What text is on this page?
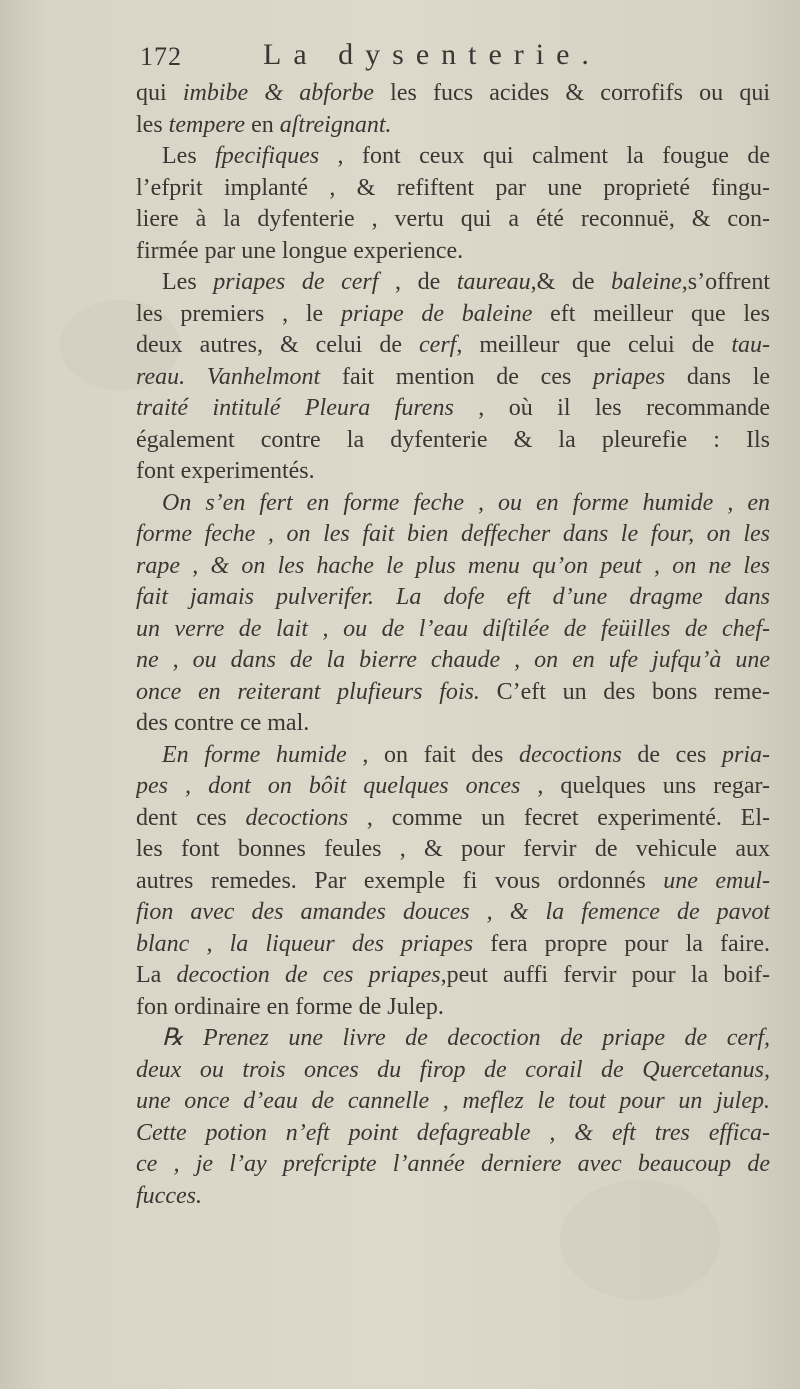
172	La dysenterie.
qui imbibe & abforbe les fucs acides & corrofifs ou qui
les tempere en aſtreignant.
Les fpecifiques , font ceux qui calment la fougue de
l’efprit implanté , & refiftent par une proprieté fingu-
liere à la dyfenterie , vertu qui a été reconnuë, & con-
firmée par une longue experience.
Les priapes de cerf , de taureau,& de baleine,s’offrent
les premiers , le priape de baleine eft meilleur que les
deux autres, & celui de cerf, meilleur que celui de tau-
reau. Vanhelmont fait mention de ces priapes dans le
traité intitulé Pleura furens , où il les recommande
également contre la dyfenterie & la pleurefie : Ils
font experimentés.
On s’en fert en forme feche , ou en forme humide , en
forme feche , on les fait bien deffecher dans le four, on les
rape , & on les hache le plus menu qu’on peut , on ne les
fait jamais pulverifer. La dofe eft d’une dragme dans
un verre de lait , ou de l’eau diſtilée de feüilles de chef-
ne , ou dans de la bierre chaude , on en ufe jufqu’à une
once en reiterant plufieurs fois. C’eft un des bons reme-
des contre ce mal.
En forme humide , on fait des decoctions de ces pria-
pes , dont on bôit quelques onces , quelques uns regar-
dent ces decoctions , comme un fecret experimenté. El-
les font bonnes feules , & pour fervir de vehicule aux
autres remedes. Par exemple fi vous ordonnés une emul-
fion avec des amandes douces , & la femence de pavot
blanc , la liqueur des priapes fera propre pour la faire.
La decoction de ces priapes,peut auffi fervir pour la boif-
fon ordinaire en forme de Julep.
℞ Prenez une livre de decoction de priape de cerf,
deux ou trois onces du firop de corail de Quercetanus,
une once d’eau de cannelle , meflez le tout pour un julep.
Cette potion n’eft point defagreable , & eft tres effica-
ce , je l’ay prefcripte l’année derniere avec beaucoup de
fucces.
